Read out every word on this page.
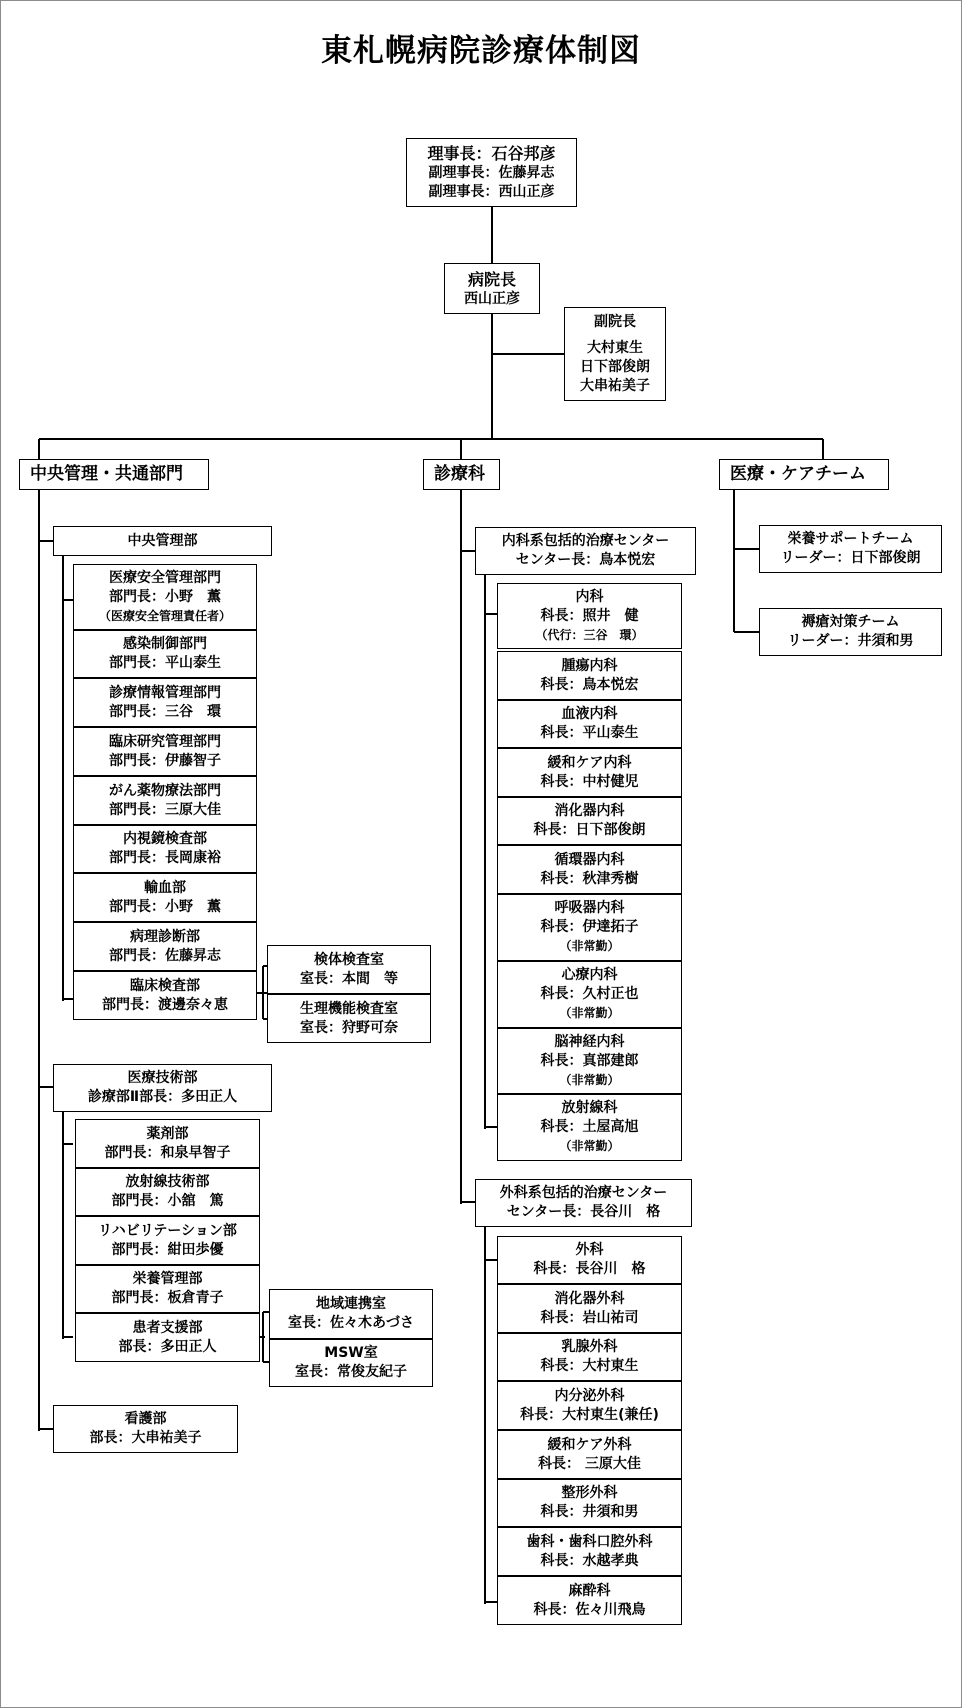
東札幌病院診療体制図
理事長：石谷邦彦
副理事長：佐藤昇志
副理事長：西山正彦
病院長
西山正彦
副院長
大村東生
日下部俊朗
大串祐美子
中央管理・共通部門	診療科	医療・ケアチーム
中央管理部
医療安全管理部門
部門長：小野　薫
（医療安全管理責任者）
感染制御部門
部門長：平山泰生
診療情報管理部門
部門長：三谷　環
臨床研究管理部門
部門長：伊藤智子
がん薬物療法部門
部門長：三原大佳
内視鏡検査部
部門長：長岡康裕
輸血部
部門長：小野　薫
病理診断部
部門長：佐藤昇志
臨床検査部
部門長：渡邊奈々恵
検体検査室
室長：本間　等
生理機能検査室
室長：狩野可奈
医療技術部
診療部Ⅱ部長：多田正人
薬剤部
部門長：和泉早智子
放射線技術部
部門長：小舘　篤
リハビリテーション部
部門長：紺田歩優
栄養管理部
部門長：板倉青子
患者支援部
部長：多田正人
地域連携室
室長：佐々木あづさ
MSW室
室長：常俊友紀子
看護部
部長：大串祐美子
内科系包括的治療センター
センター長：鳥本悦宏
内科
科長：照井　健
（代行：三谷　環）
腫瘍内科
科長：鳥本悦宏
血液内科
科長：平山泰生
緩和ケア内科
科長：中村健児
消化器内科
科長：日下部俊朗
循環器内科
科長：秋津秀樹
呼吸器内科
科長：伊達拓子
（非常勤）
心療内科
科長：久村正也
（非常勤）
脳神経内科
科長：真部建郎
（非常勤）
放射線科
科長：土屋高旭
（非常勤）
外科系包括的治療センター
センター長：長谷川　格
外科
科長：長谷川　格
消化器外科
科長：岩山祐司
乳腺外科
科長：大村東生
内分泌外科
科長：大村東生(兼任)
緩和ケア外科
科長： 三原大佳
整形外科
科長：井須和男
歯科・歯科口腔外科
科長：水越孝典
麻酔科
科長：佐々川飛鳥
栄養サポートチーム
リーダー：日下部俊朗
褥瘡対策チーム
リーダー：井須和男
